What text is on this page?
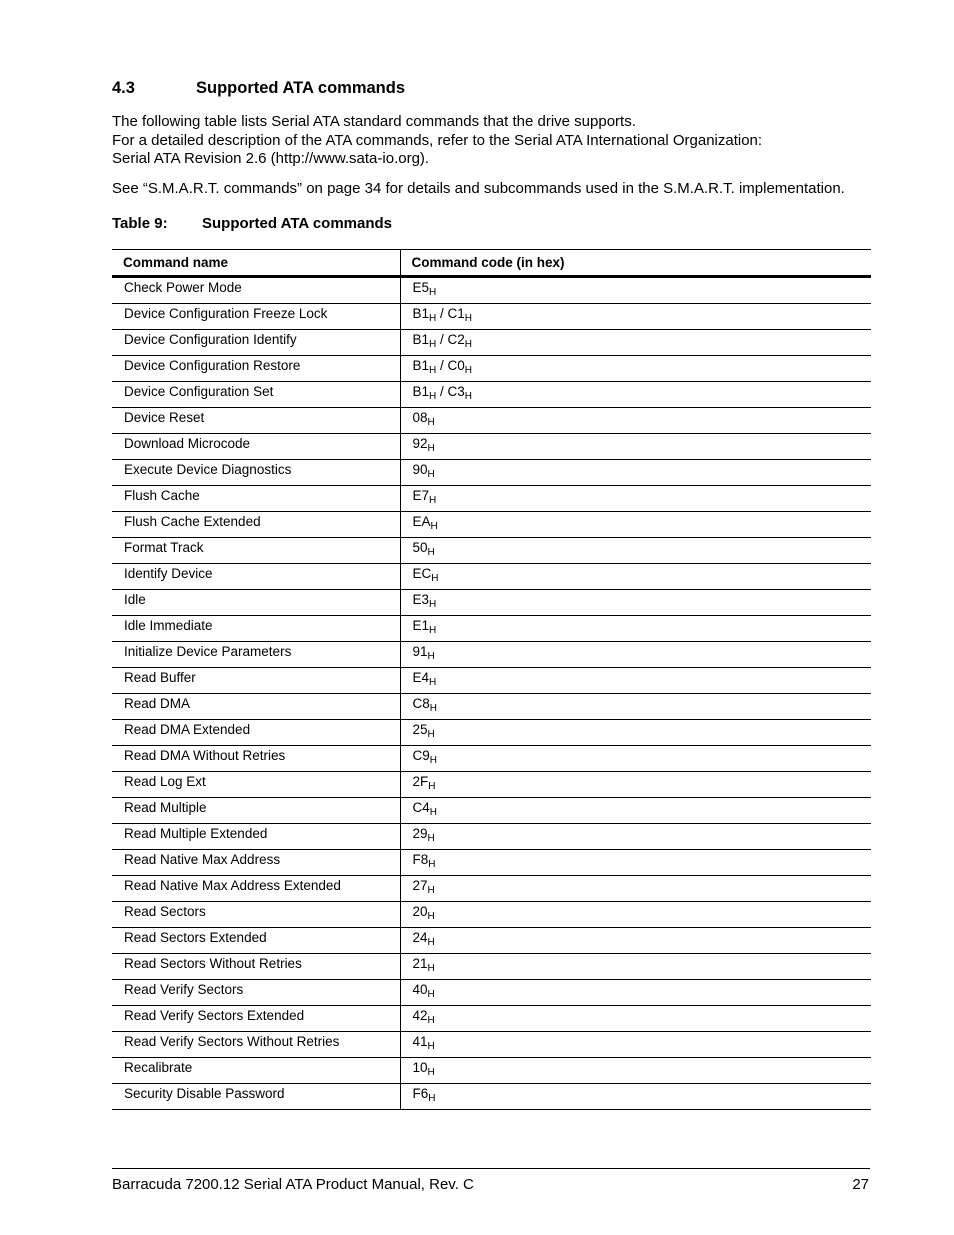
4.3	Supported ATA commands
The following table lists Serial ATA standard commands that the drive supports.
For a detailed description of the ATA commands, refer to the Serial ATA International Organization:
Serial ATA Revision 2.6 (http://www.sata-io.org).
See “S.M.A.R.T. commands” on page 34 for details and subcommands used in the S.M.A.R.T. implementation.
Table 9: Supported ATA commands
Command name	Command code (in hex)
Check Power Mode	$E5_H$
Device Configuration Freeze Lock	$B1_H / C1_H$
Device Configuration Identify	$B1_H / C2_H$
Device Configuration Restore	$B1_H / C0_H$
Device Configuration Set	$B1_H / C3_H$
Device Reset	$08_H$
Download Microcode	$92_H$
Execute Device Diagnostics	$90_H$
Flush Cache	$E7_H$
Flush Cache Extended	$EA_H$
Format Track	$50_H$
Identify Device	$EC_H$
Idle	$E3_H$
Idle Immediate	$E1_H$
Initialize Device Parameters	$91_H$
Read Buffer	$E4_H$
Read DMA	$C8_H$
Read DMA Extended	$25_H$
Read DMA Without Retries	$C9_H$
Read Log Ext	$2F_H$
Read Multiple	$C4_H$
Read Multiple Extended	$29_H$
Read Native Max Address	$F8_H$
Read Native Max Address Extended	$27_H$
Read Sectors	$20_H$
Read Sectors Extended	$24_H$
Read Sectors Without Retries	$21_H$
Read Verify Sectors	$40_H$
Read Verify Sectors Extended	$42_H$
Read Verify Sectors Without Retries	$41_H$
Recalibrate	$10_H$
Security Disable Password	$F6_H$
Barracuda 7200.12 Serial ATA Product Manual, Rev. C	27
